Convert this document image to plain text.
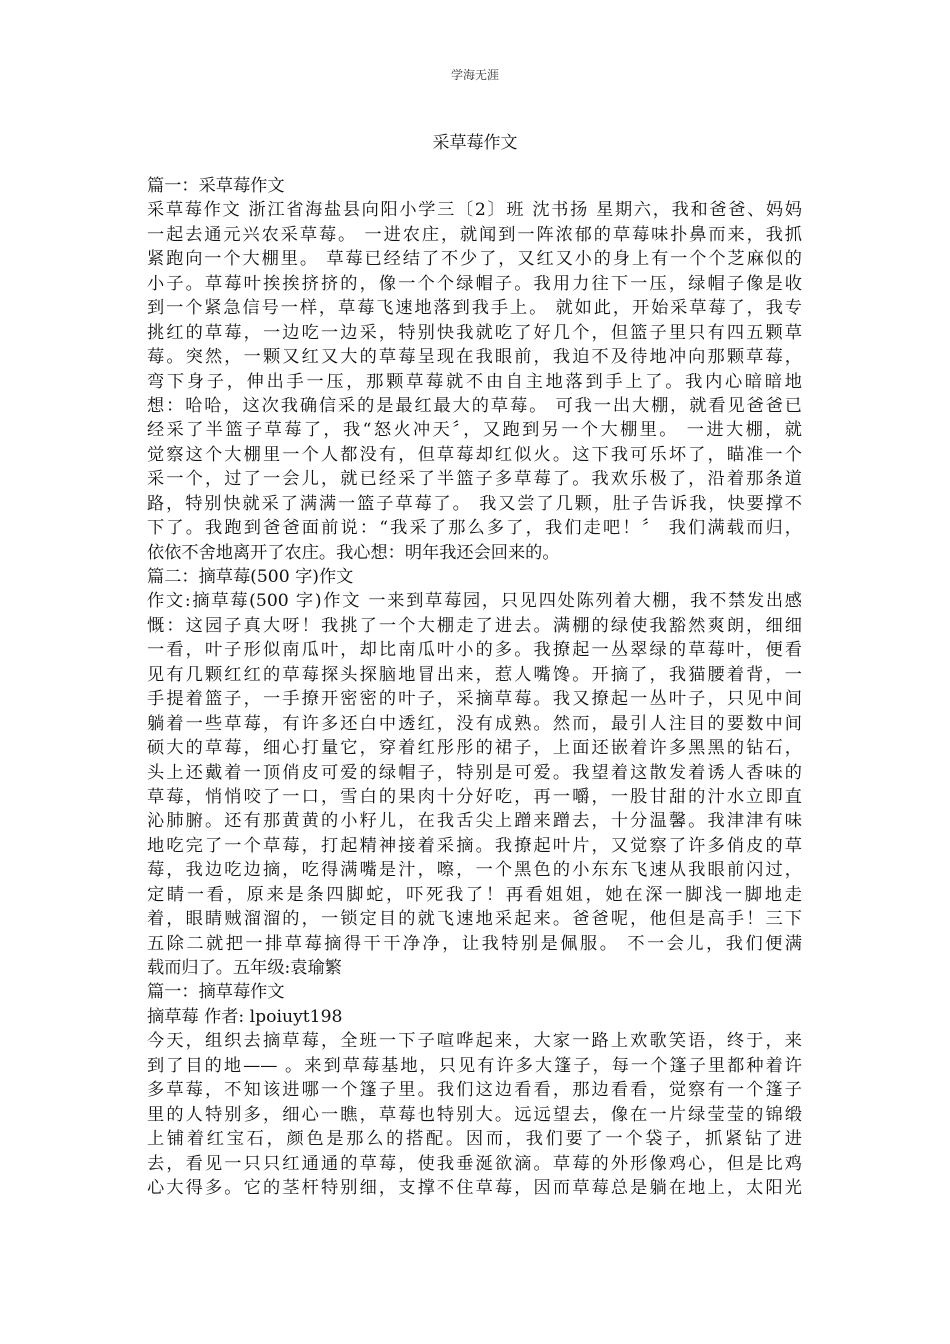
学海无涯
采草莓作文
篇一：采草莓作文
采草莓作文 浙江省海盐县向阳小学三〔2〕班 沈书扬 星期六，我和爸爸、妈妈
一起去通元兴农采草莓。 一进农庄，就闻到一阵浓郁的草莓味扑鼻而来，我抓
紧跑向一个大棚里。 草莓已经结了不少了，又红又小的身上有一个个芝麻似的
小子。草莓叶挨挨挤挤的，像一个个绿帽子。我用力往下一压，绿帽子像是收
到一个紧急信号一样，草莓飞速地落到我手上。 就如此，开始采草莓了，我专
挑红的草莓，一边吃一边采，特别快我就吃了好几个，但篮子里只有四五颗草
莓。突然，一颗又红又大的草莓呈现在我眼前，我迫不及待地冲向那颗草莓，
弯下身子，伸出手一压，那颗草莓就不由自主地落到手上了。我内心暗暗地
想：哈哈，这次我确信采的是最红最大的草莓。 可我一出大棚，就看见爸爸已
经采了半篮子草莓了，我“怒火冲天〞，又跑到另一个大棚里。 一进大棚，就
觉察这个大棚里一个人都没有，但草莓却红似火。这下我可乐坏了，瞄准一个
采一个，过了一会儿，就已经采了半篮子多草莓了。我欢乐极了，沿着那条道
路，特别快就采了满满一篮子草莓了。 我又尝了几颗，肚子告诉我，快要撑不
下了。我跑到爸爸面前说：“我采了那么多了，我们走吧！〞 我们满载而归，
依依不舍地离开了农庄。我心想：明年我还会回来的。
篇二：摘草莓(500 字)作文
作文:摘草莓(500 字)作文 一来到草莓园，只见四处陈列着大棚，我不禁发出感
慨：这园子真大呀！我挑了一个大棚走了进去。满棚的绿使我豁然爽朗，细细
一看，叶子形似南瓜叶，却比南瓜叶小的多。我撩起一丛翠绿的草莓叶，便看
见有几颗红红的草莓探头探脑地冒出来，惹人嘴馋。开摘了，我猫腰着背，一
手提着篮子，一手撩开密密的叶子，采摘草莓。我又撩起一丛叶子，只见中间
躺着一些草莓，有许多还白中透红，没有成熟。然而，最引人注目的要数中间
硕大的草莓，细心打量它，穿着红彤彤的裙子，上面还嵌着许多黑黑的钻石，
头上还戴着一顶俏皮可爱的绿帽子，特别是可爱。我望着这散发着诱人香味的
草莓，悄悄咬了一口，雪白的果肉十分好吃，再一嚼，一股甘甜的汁水立即直
沁肺腑。还有那黄黄的小籽儿，在我舌尖上蹭来蹭去，十分温馨。我津津有味
地吃完了一个草莓，打起精神接着采摘。我撩起叶片，又觉察了许多俏皮的草
莓，我边吃边摘，吃得满嘴是汁，嚓，一个黑色的小东东飞速从我眼前闪过，
定睛一看，原来是条四脚蛇，吓死我了！再看姐姐，她在深一脚浅一脚地走
着，眼睛贼溜溜的，一锁定目的就飞速地采起来。爸爸呢，他但是高手！三下
五除二就把一排草莓摘得干干净净，让我特别是佩服。 不一会儿，我们便满
载而归了。五年级:袁瑜繁
篇一：摘草莓作文
摘草莓 作者: lpoiuyt198
今天，组织去摘草莓，全班一下子喧哗起来，大家一路上欢歌笑语，终于，来
到了目的地—— 。来到草莓基地，只见有许多大篷子，每一个篷子里都种着许
多草莓，不知该进哪一个篷子里。我们这边看看，那边看看，觉察有一个篷子
里的人特别多，细心一瞧，草莓也特别大。远远望去，像在一片绿莹莹的锦缎
上铺着红宝石，颜色是那么的搭配。因而，我们要了一个袋子，抓紧钻了进
去，看见一只只红通通的草莓，使我垂涎欲滴。草莓的外形像鸡心，但是比鸡
心大得多。它的茎杆特别细，支撑不住草莓，因而草莓总是躺在地上，太阳光
